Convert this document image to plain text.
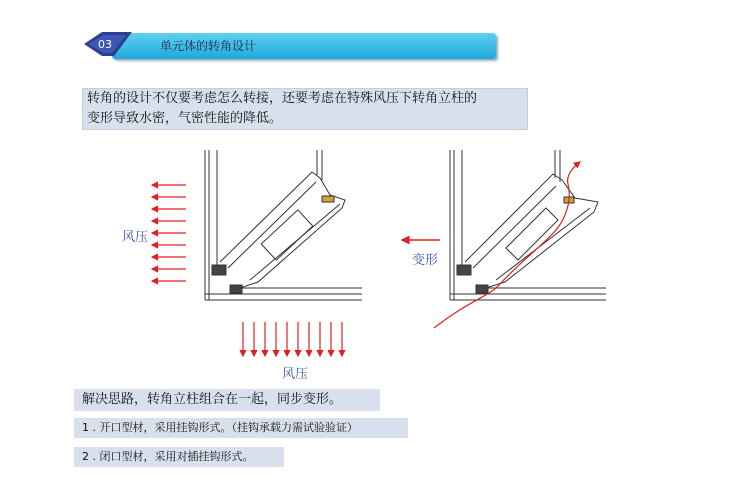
03	单元体的转角设计
转角的设计不仅要考虑怎么转接，还要考虑在特殊风压下转角立柱的
变形导致水密，气密性能的降低。
风压
风压
变形
解决思路，转角立柱组合在一起，同步变形。
1 . 开口型材，采用挂钩形式。（挂钩承载力需试验验证）
2 . 闭口型材，采用对插挂钩形式。
